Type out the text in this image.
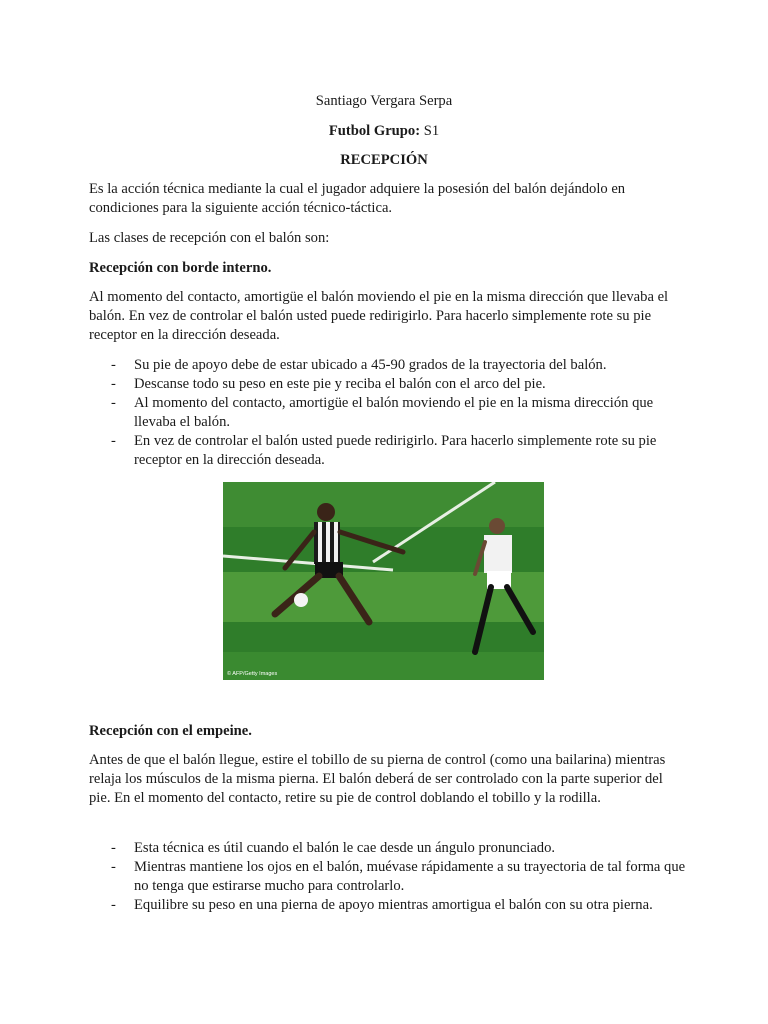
Santiago Vergara Serpa
Futbol Grupo: S1
RECEPCIÓN
Es la acción técnica mediante la cual el jugador adquiere la posesión del balón dejándolo en condiciones para la siguiente acción técnico-táctica.
Las clases de recepción con el balón son:
Recepción con borde interno.
Al momento del contacto, amortigüe el balón moviendo el pie en la misma dirección que llevaba el balón. En vez de controlar el balón usted puede redirigirlo. Para hacerlo simplemente rote su pie receptor en la dirección deseada.
- Su pie de apoyo debe de estar ubicado a 45-90 grados de la trayectoria del balón.
- Descanse todo su peso en este pie y reciba el balón con el arco del pie.
- Al momento del contacto, amortigüe el balón moviendo el pie en la misma dirección que llevaba el balón.
- En vez de controlar el balón usted puede redirigirlo. Para hacerlo simplemente rote su pie receptor en la dirección deseada.
© AFP/Getty Images
Recepción con el empeine.
Antes de que el balón llegue, estire el tobillo de su pierna de control (como una bailarina) mientras relaja los músculos de la misma pierna. El balón deberá de ser controlado con la parte superior del pie. En el momento del contacto, retire su pie de control doblando el tobillo y la rodilla.
- Esta técnica es útil cuando el balón le cae desde un ángulo pronunciado.
- Mientras mantiene los ojos en el balón, muévase rápidamente a su trayectoria de tal forma que no tenga que estirarse mucho para controlarlo.
- Equilibre su peso en una pierna de apoyo mientras amortigua el balón con su otra pierna.
